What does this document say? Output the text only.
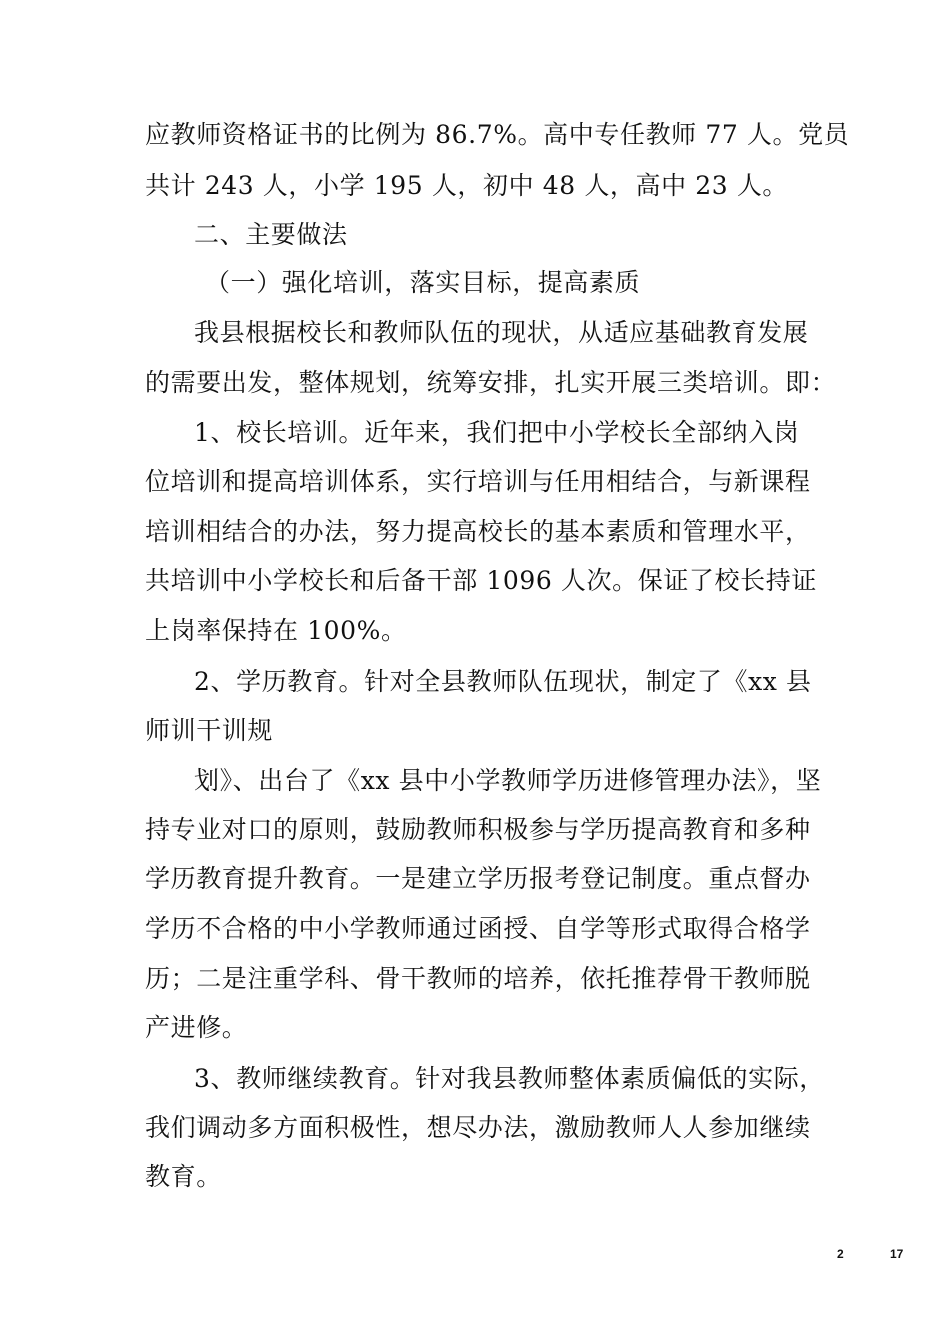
应教师资格证书的比例为 86.7%。高中专任教师 77 人。党员
共计 243 人，小学 195 人，初中 48 人，高中 23 人。
二、主要做法
（一）强化培训，落实目标，提高素质
我县根据校长和教师队伍的现状，从适应基础教育发展
的需要出发，整体规划，统筹安排，扎实开展三类培训。即：
1、校长培训。近年来，我们把中小学校长全部纳入岗
位培训和提高培训体系，实行培训与任用相结合，与新课程
培训相结合的办法，努力提高校长的基本素质和管理水平，
共培训中小学校长和后备干部 1096 人次。保证了校长持证
上岗率保持在 100%。
2、学历教育。针对全县教师队伍现状，制定了《xx 县
师训干训规
划》、出台了《xx 县中小学教师学历进修管理办法》，坚
持专业对口的原则，鼓励教师积极参与学历提高教育和多种
学历教育提升教育。一是建立学历报考登记制度。重点督办
学历不合格的中小学教师通过函授、自学等形式取得合格学
历；二是注重学科、骨干教师的培养，依托推荐骨干教师脱
产进修。
3、教师继续教育。针对我县教师整体素质偏低的实际，
我们调动多方面积极性，想尽办法，激励教师人人参加继续
教育。
2	17
